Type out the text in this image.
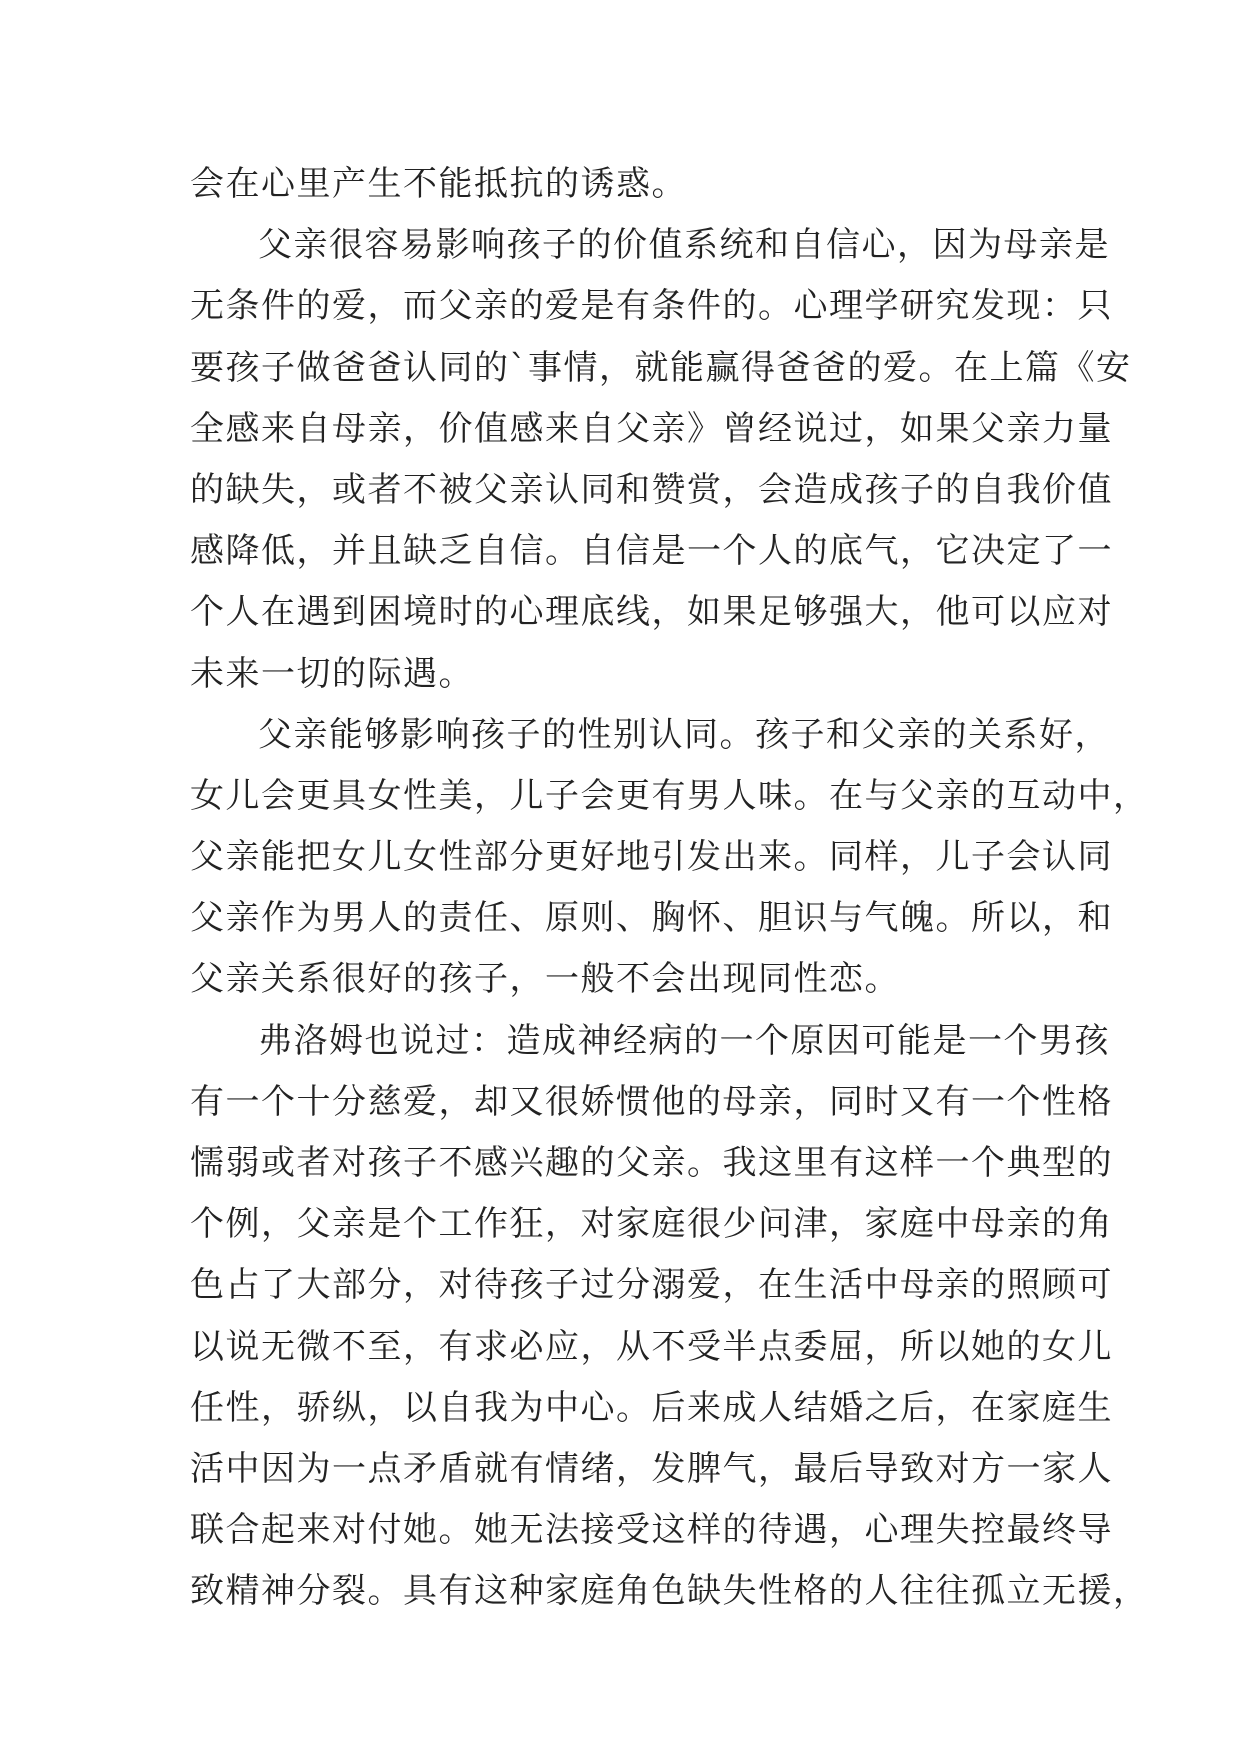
会在心里产生不能抵抗的诱惑。
父亲很容易影响孩子的价值系统和自信心，因为母亲是
无条件的爱，而父亲的爱是有条件的。心理学研究发现：只
要孩子做爸爸认同的`事情，就能赢得爸爸的爱。在上篇《安
全感来自母亲，价值感来自父亲》曾经说过，如果父亲力量
的缺失，或者不被父亲认同和赞赏，会造成孩子的自我价值
感降低，并且缺乏自信。自信是一个人的底气，它决定了一
个人在遇到困境时的心理底线，如果足够强大，他可以应对
未来一切的际遇。
父亲能够影响孩子的性别认同。孩子和父亲的关系好，
女儿会更具女性美，儿子会更有男人味。在与父亲的互动中，
父亲能把女儿女性部分更好地引发出来。同样，儿子会认同
父亲作为男人的责任、原则、胸怀、胆识与气魄。所以，和
父亲关系很好的孩子，一般不会出现同性恋。
弗洛姆也说过：造成神经病的一个原因可能是一个男孩
有一个十分慈爱，却又很娇惯他的母亲，同时又有一个性格
懦弱或者对孩子不感兴趣的父亲。我这里有这样一个典型的
个例，父亲是个工作狂，对家庭很少问津，家庭中母亲的角
色占了大部分，对待孩子过分溺爱，在生活中母亲的照顾可
以说无微不至，有求必应，从不受半点委屈，所以她的女儿
任性，骄纵，以自我为中心。后来成人结婚之后，在家庭生
活中因为一点矛盾就有情绪，发脾气，最后导致对方一家人
联合起来对付她。她无法接受这样的待遇，心理失控最终导
致精神分裂。具有这种家庭角色缺失性格的人往往孤立无援，
